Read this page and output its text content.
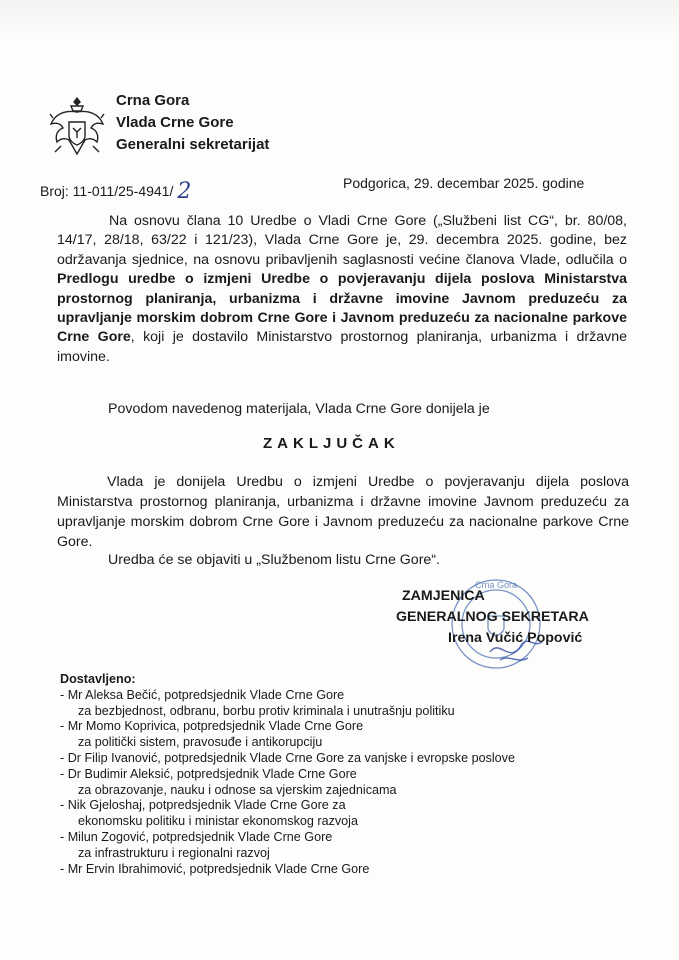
Crna Gora
Vlada Crne Gore
Generalni sekretarijat
Broj: 11-011/25-4941/ 2	Podgorica, 29. decembar 2025. godine
Na osnovu člana 10 Uredbe o Vladi Crne Gore („Službeni list CG“, br. 80/08, 14/17, 28/18, 63/22 i 121/23), Vlada Crne Gore je, 29. decembra 2025. godine, bez održavanja sjednice, na osnovu pribavljenih saglasnosti većine članova Vlade, odlučila o Predlogu uredbe o izmjeni Uredbe o povjeravanju dijela poslova Ministarstva prostornog planiranja, urbanizma i državne imovine Javnom preduzeću za upravljanje morskim dobrom Crne Gore i Javnom preduzeću za nacionalne parkove Crne Gore, koji je dostavilo Ministarstvo prostornog planiranja, urbanizma i državne imovine.
Povodom navedenog materijala, Vlada Crne Gore donijela je
ZAKLJUČAK
Vlada je donijela Uredbu o izmjeni Uredbe o povjeravanju dijela poslova Ministarstva prostornog planiranja, urbanizma i državne imovine Javnom preduzeću za upravljanje morskim dobrom Crne Gore i Javnom preduzeću za nacionalne parkove Crne Gore.
Uredba će se objaviti u „Službenom listu Crne Gore“.
Crna Gora
ZAMJENICA
GENERALNOG SEKRETARA
Irena Vučić Popović
Dostavljeno:
- Mr Aleksa Bečić, potpredsjednik Vlade Crne Gore
za bezbjednost, odbranu, borbu protiv kriminala i unutrašnju politiku
- Mr Momo Koprivica, potpredsjednik Vlade Crne Gore
za politički sistem, pravosuđe i antikorupciju
- Dr Filip Ivanović, potpredsjednik Vlade Crne Gore za vanjske i evropske poslove
- Dr Budimir Aleksić, potpredsjednik Vlade Crne Gore
za obrazovanje, nauku i odnose sa vjerskim zajednicama
- Nik Gjeloshaj, potpredsjednik Vlade Crne Gore za
ekonomsku politiku i ministar ekonomskog razvoja
- Milun Zogović, potpredsjednik Vlade Crne Gore
za infrastrukturu i regionalni razvoj
- Mr Ervin Ibrahimović, potpredsjednik Vlade Crne Gore
